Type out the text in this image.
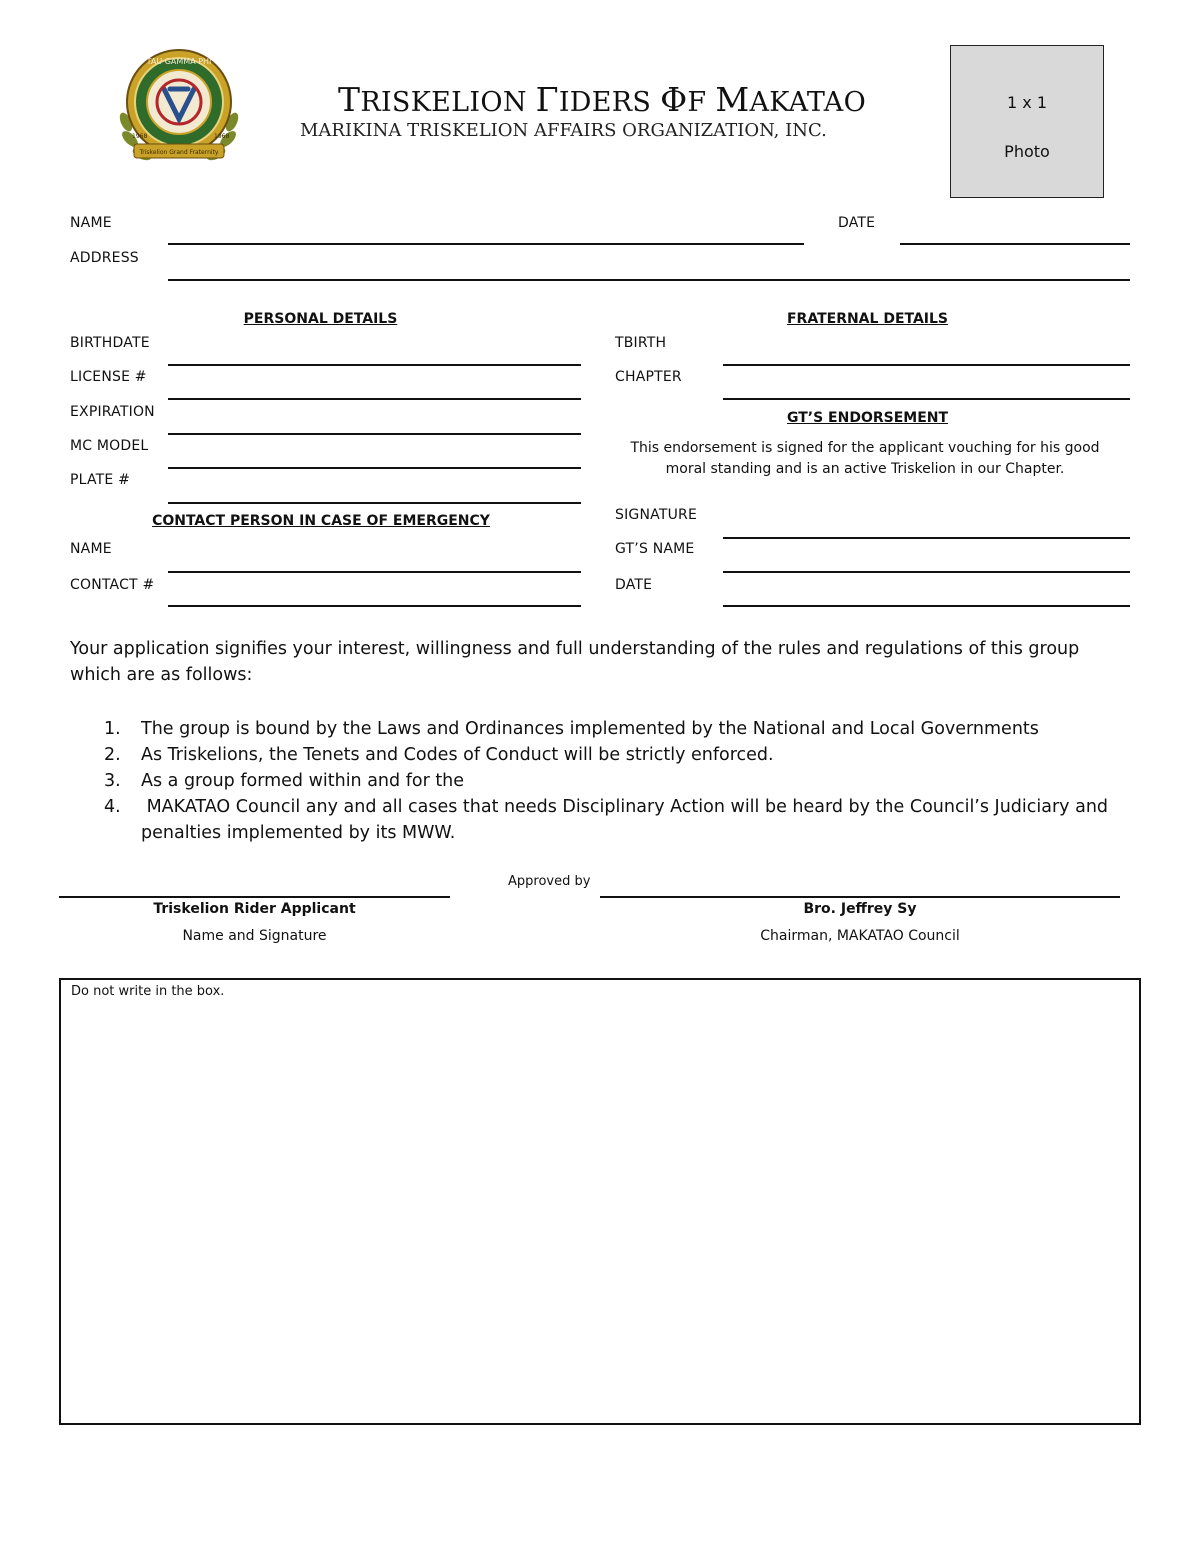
TAU GAMMA PHI
Triskelion Grand Fraternity
1968	1968
TRISKELION ΓIDERS ΦF MAKATAO
MARIKINA TRISKELION AFFAIRS ORGANIZATION, INC.
1 x 1
Photo
NAME	DATE
ADDRESS
PERSONAL DETAILS
BIRTHDATE
LICENSE #
EXPIRATION
MC MODEL
PLATE #
CONTACT PERSON IN CASE OF EMERGENCY
NAME
CONTACT #
FRATERNAL DETAILS
TBIRTH
CHAPTER
GT’S ENDORSEMENT
This endorsement is signed for the applicant vouching for his good
moral standing and is an active Triskelion in our Chapter.
SIGNATURE
GT’S NAME
DATE
Your application signifies your interest, willingness and full understanding of the rules and regulations of this group
which are as follows:
1. The group is bound by the Laws and Ordinances implemented by the National and Local Governments
2. As Triskelions, the Tenets and Codes of Conduct will be strictly enforced.
3. As a group formed within and for the
4. MAKATAO Council any and all cases that needs Disciplinary Action will be heard by the Council’s Judiciary and penalties implemented by its MWW.
Approved by
Triskelion Rider Applicant
Name and Signature
Bro. Jeffrey Sy
Chairman, MAKATAO Council
Do not write in the box.
